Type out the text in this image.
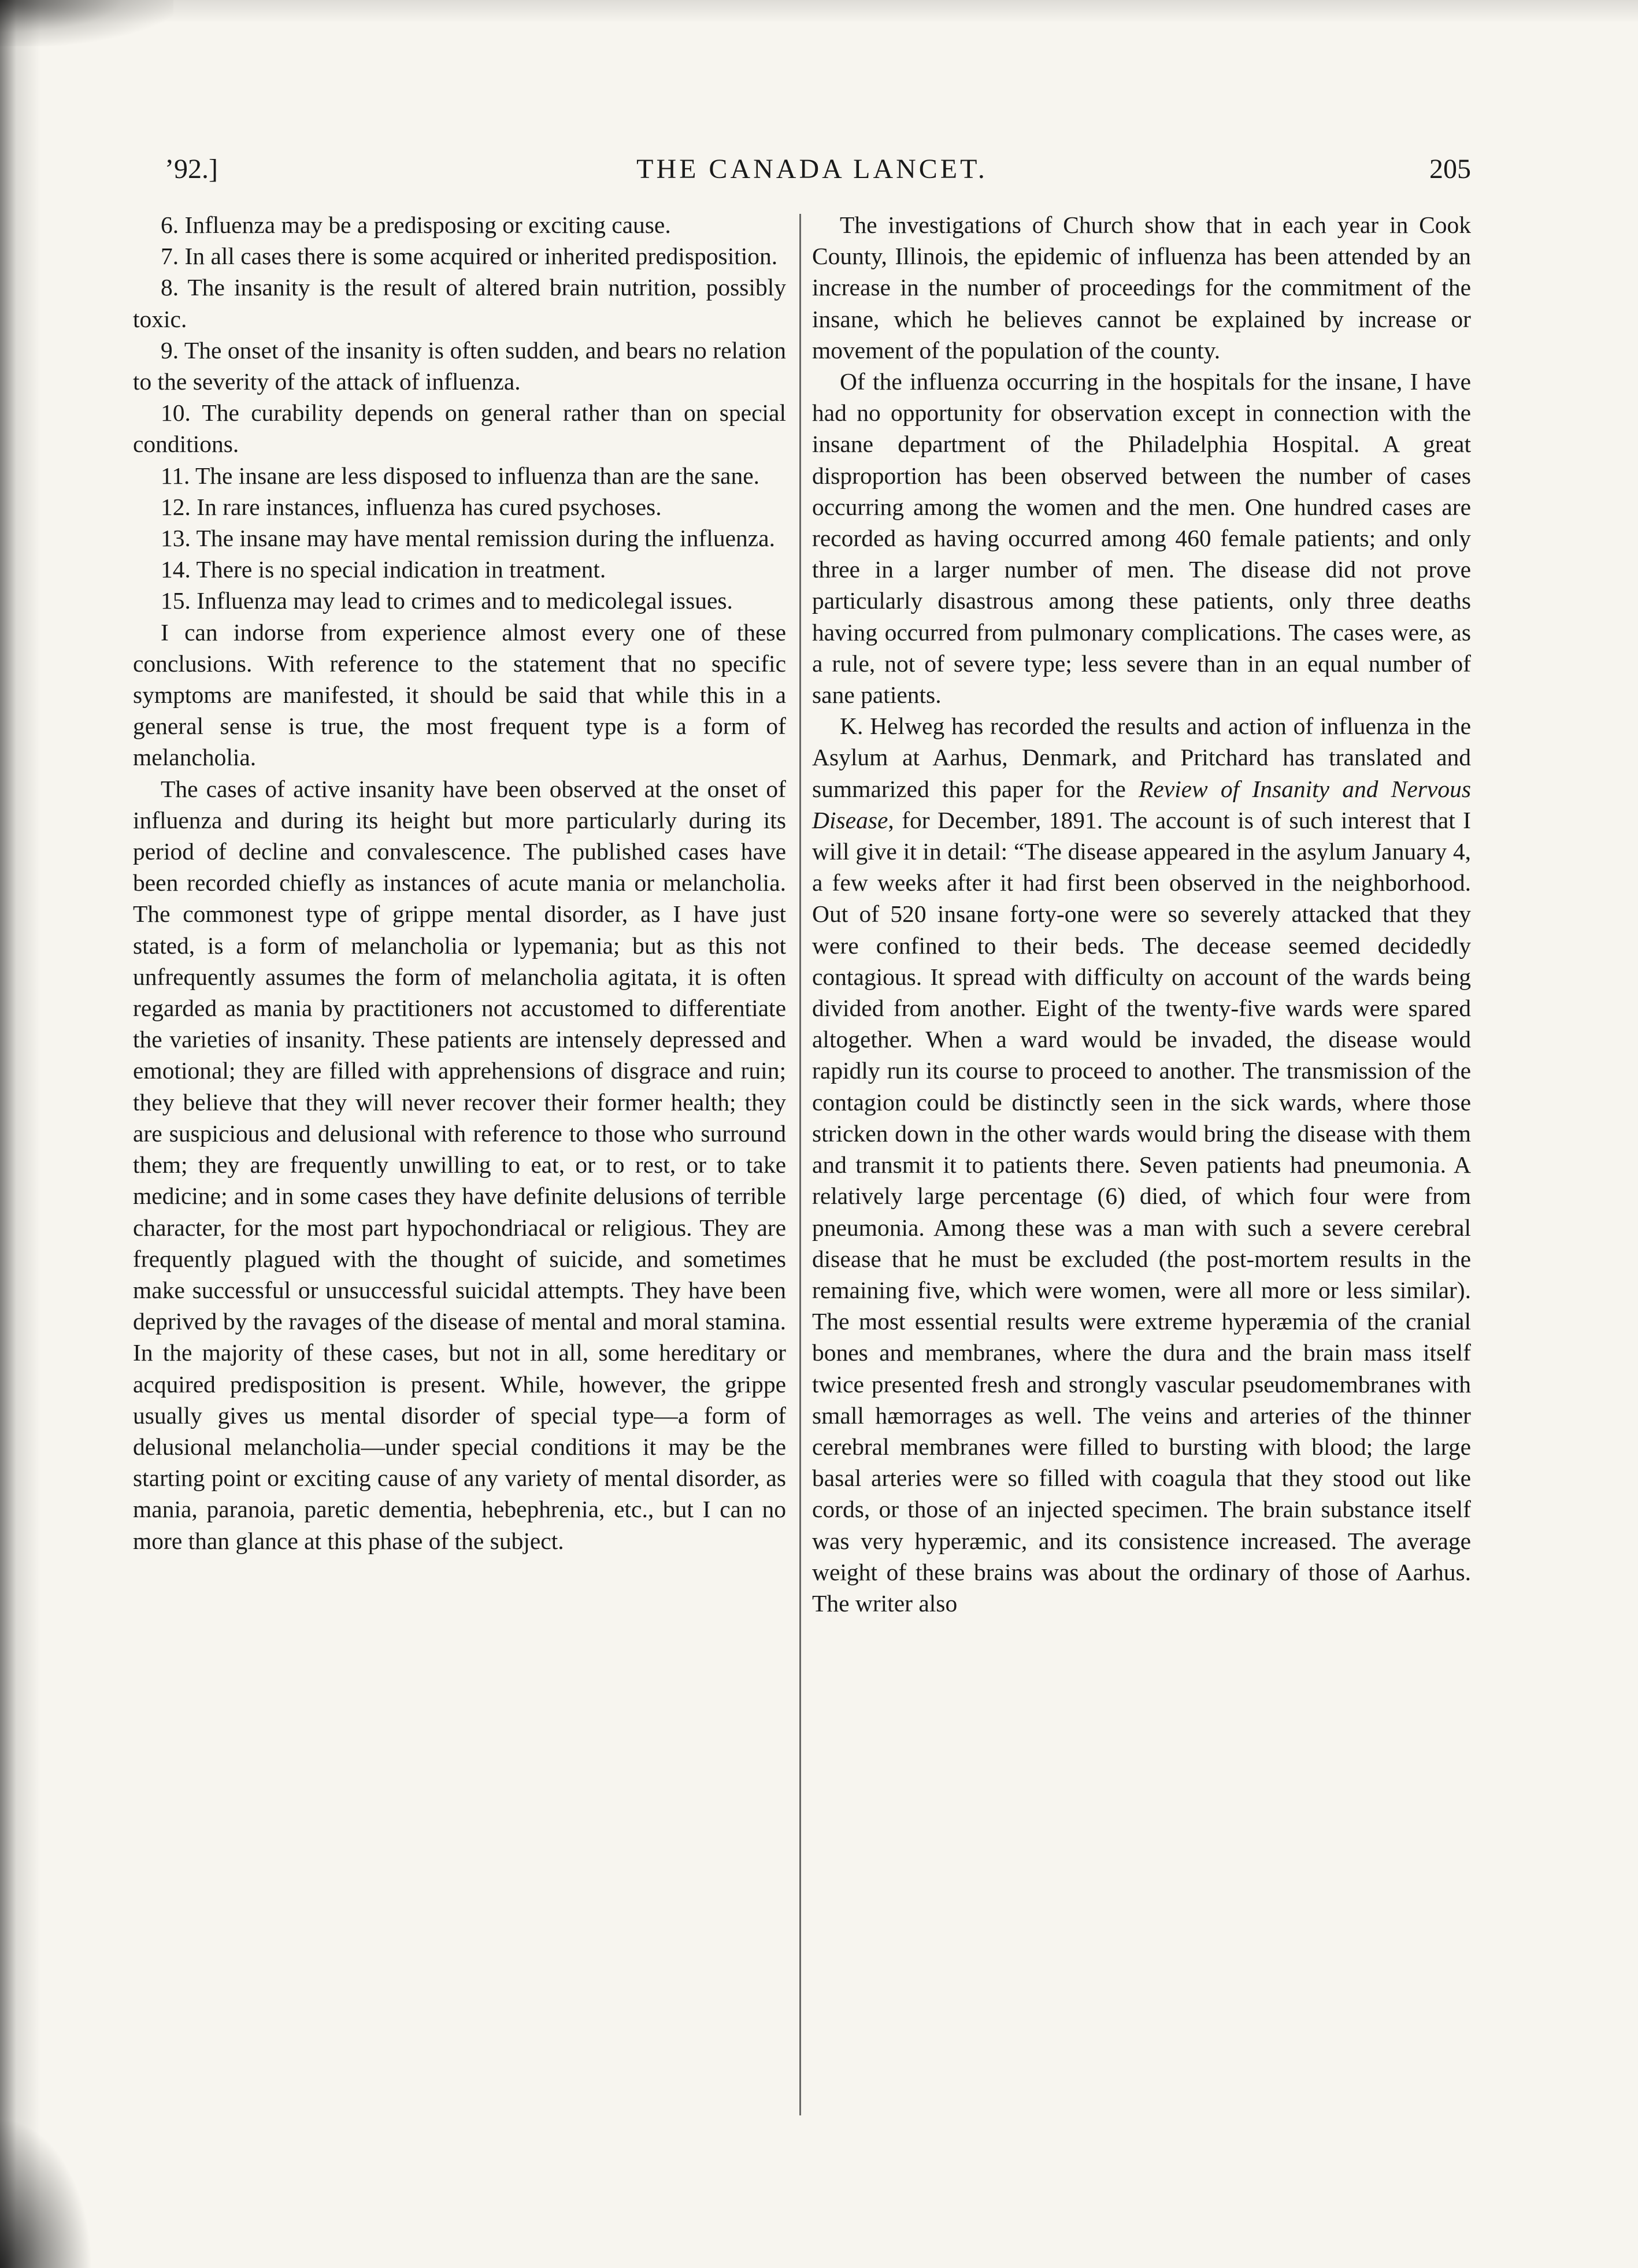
’92.]	THE CANADA LANCET.	205

6. Influenza may be a predisposing or exciting cause.

7. In all cases there is some acquired or inherited predisposition.

8. The insanity is the result of altered brain nutrition, possibly toxic.

9. The onset of the insanity is often sudden, and bears no relation to the severity of the attack of influenza.

10. The curability depends on general rather than on special conditions.

11. The insane are less disposed to influenza than are the sane.

12. In rare instances, influenza has cured psychoses.

13. The insane may have mental remission during the influenza.

14. There is no special indication in treatment.

15. Influenza may lead to crimes and to medicolegal issues.

I can indorse from experience almost every one of these conclusions. With reference to the statement that no specific symptoms are manifested, it should be said that while this in a general sense is true, the most frequent type is a form of melancholia.

The cases of active insanity have been observed at the onset of influenza and during its height but more particularly during its period of decline and convalescence. The published cases have been recorded chiefly as instances of acute mania or melancholia. The commonest type of grippe mental disorder, as I have just stated, is a form of melancholia or lypemania; but as this not unfrequently assumes the form of melancholia agitata, it is often regarded as mania by practitioners not accustomed to differentiate the varieties of insanity. These patients are intensely depressed and emotional; they are filled with apprehensions of disgrace and ruin; they believe that they will never recover their former health; they are suspicious and delusional with reference to those who surround them; they are frequently unwilling to eat, or to rest, or to take medicine; and in some cases they have definite delusions of terrible character, for the most part hypochondriacal or religious. They are frequently plagued with the thought of suicide, and sometimes make successful or unsuccessful suicidal attempts. They have been deprived by the ravages of the disease of mental and moral stamina. In the majority of these cases, but not in all, some hereditary or acquired predisposition is present. While, however, the grippe usually gives us mental disorder of special type—a form of delusional melancholia—under special conditions it may be the starting point or exciting cause of any variety of mental disorder, as mania, paranoia, paretic dementia, hebephrenia, etc., but I can no more than glance at this phase of the subject.

The investigations of Church show that in each year in Cook County, Illinois, the epidemic of influenza has been attended by an increase in the number of proceedings for the commitment of the insane, which he believes cannot be explained by increase or movement of the population of the county.

Of the influenza occurring in the hospitals for the insane, I have had no opportunity for observation except in connection with the insane department of the Philadelphia Hospital. A great disproportion has been observed between the number of cases occurring among the women and the men. One hundred cases are recorded as having occurred among 460 female patients; and only three in a larger number of men. The disease did not prove particularly disastrous among these patients, only three deaths having occurred from pulmonary complications. The cases were, as a rule, not of severe type; less severe than in an equal number of sane patients.

K. Helweg has recorded the results and action of influenza in the Asylum at Aarhus, Denmark, and Pritchard has translated and summarized this paper for the Review of Insanity and Nervous Disease, for December, 1891. The account is of such interest that I will give it in detail: “The disease appeared in the asylum January 4, a few weeks after it had first been observed in the neighborhood. Out of 520 insane forty-one were so severely attacked that they were confined to their beds. The decease seemed decidedly contagious. It spread with difficulty on account of the wards being divided from another. Eight of the twenty-five wards were spared altogether. When a ward would be invaded, the disease would rapidly run its course to proceed to another. The transmission of the contagion could be distinctly seen in the sick wards, where those stricken down in the other wards would bring the disease with them and transmit it to patients there. Seven patients had pneumonia. A relatively large percentage (6) died, of which four were from pneumonia. Among these was a man with such a severe cerebral disease that he must be excluded (the post-mortem results in the remaining five, which were women, were all more or less similar). The most essential results were extreme hyperæmia of the cranial bones and membranes, where the dura and the brain mass itself twice presented fresh and strongly vascular pseudomembranes with small hæmorrages as well. The veins and arteries of the thinner cerebral membranes were filled to bursting with blood; the large basal arteries were so filled with coagula that they stood out like cords, or those of an injected specimen. The brain substance itself was very hyperæmic, and its consistence increased. The average weight of these brains was about the ordinary of those of Aarhus. The writer also
